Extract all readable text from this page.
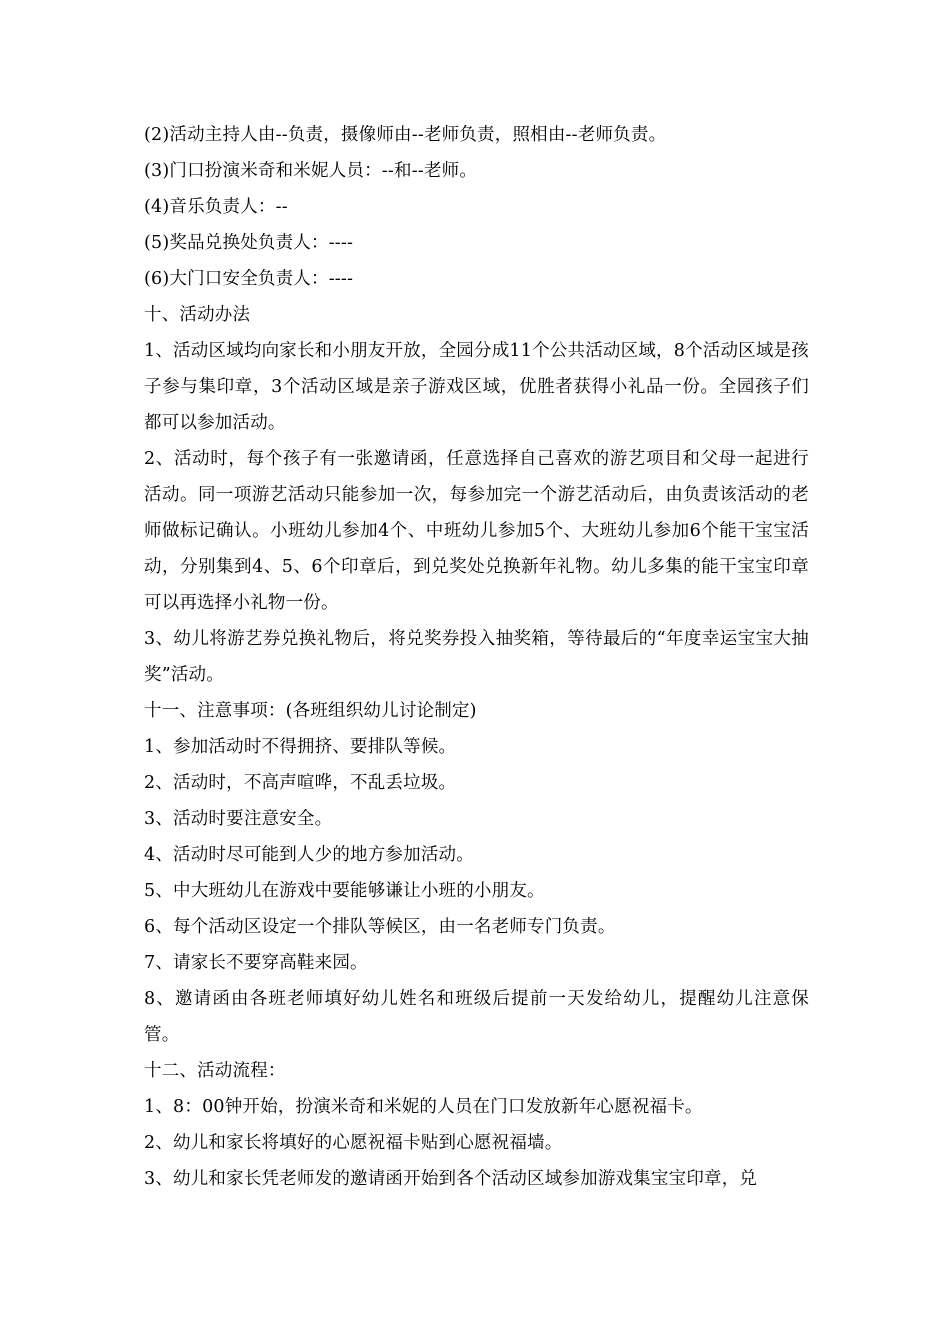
(2)活动主持人由--负责，摄像师由--老师负责，照相由--老师负责。

(3)门口扮演米奇和米妮人员：--和--老师。

(4)音乐负责人：--

(5)奖品兑换处负责人：----

(6)大门口安全负责人：----

十、活动办法

1、活动区域均向家长和小朋友开放，全园分成11个公共活动区域，8个活动区域是孩子参与集印章，3个活动区域是亲子游戏区域，优胜者获得小礼品一份。全园孩子们都可以参加活动。

2、活动时，每个孩子有一张邀请函，任意选择自己喜欢的游艺项目和父母一起进行活动。同一项游艺活动只能参加一次，每参加完一个游艺活动后，由负责该活动的老师做标记确认。小班幼儿参加4个、中班幼儿参加5个、大班幼儿参加6个能干宝宝活动，分别集到4、5、6个印章后，到兑奖处兑换新年礼物。幼儿多集的能干宝宝印章可以再选择小礼物一份。

3、幼儿将游艺券兑换礼物后，将兑奖券投入抽奖箱，等待最后的“年度幸运宝宝大抽奖”活动。

十一、注意事项：(各班组织幼儿讨论制定)

1、参加活动时不得拥挤、要排队等候。

2、活动时，不高声喧哗，不乱丢垃圾。

3、活动时要注意安全。

4、活动时尽可能到人少的地方参加活动。

5、中大班幼儿在游戏中要能够谦让小班的小朋友。

6、每个活动区设定一个排队等候区，由一名老师专门负责。

7、请家长不要穿高鞋来园。

8、邀请函由各班老师填好幼儿姓名和班级后提前一天发给幼儿，提醒幼儿注意保管。

十二、活动流程：

1、8：00钟开始，扮演米奇和米妮的人员在门口发放新年心愿祝福卡。

2、幼儿和家长将填好的心愿祝福卡贴到心愿祝福墙。

3、幼儿和家长凭老师发的邀请函开始到各个活动区域参加游戏集宝宝印章，兑
